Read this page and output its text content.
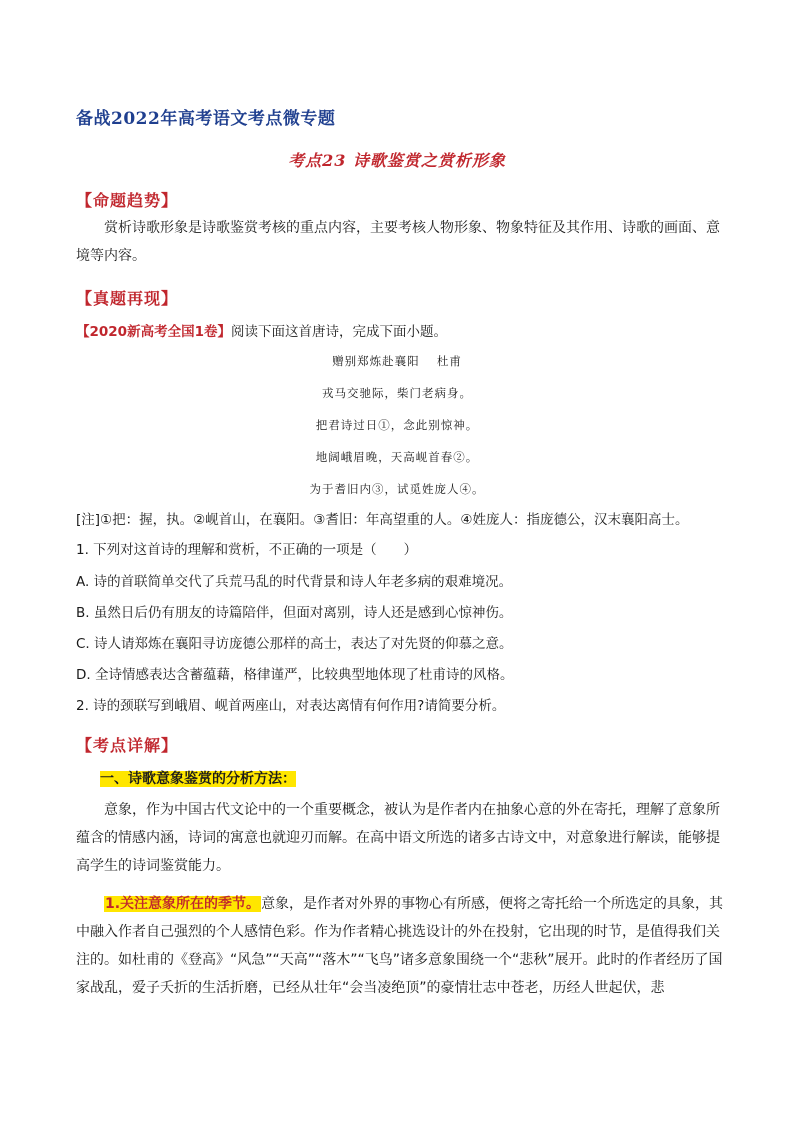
备战2022年高考语文考点微专题
考点23 诗歌鉴赏之赏析形象
【命题趋势】
赏析诗歌形象是诗歌鉴赏考核的重点内容，主要考核人物形象、物象特征及其作用、诗歌的画面、意境等内容。
【真题再现】
【2020新高考全国1卷】阅读下面这首唐诗，完成下面小题。
赠别郑炼赴襄阳　 杜甫
戎马交驰际，柴门老病身。
把君诗过日①，念此别惊神。
地阔峨眉晚，天高岘首春②。
为于耆旧内③，试觅姓庞人④。
[注]①把：握，执。②岘首山，在襄阳。③耆旧：年高望重的人。④姓庞人：指庞德公，汉末襄阳高士。
1. 下列对这首诗的理解和赏析，不正确的一项是（　　）
A. 诗的首联简单交代了兵荒马乱的时代背景和诗人年老多病的艰难境况。
B. 虽然日后仍有朋友的诗篇陪伴，但面对离别，诗人还是感到心惊神伤。
C. 诗人请郑炼在襄阳寻访庞德公那样的高士，表达了对先贤的仰慕之意。
D. 全诗情感表达含蓄蕴藉，格律谨严，比较典型地体现了杜甫诗的风格。
2. 诗的颈联写到峨眉、岘首两座山，对表达离情有何作用?请简要分析。
【考点详解】
一、诗歌意象鉴赏的分析方法：
意象，作为中国古代文论中的一个重要概念，被认为是作者内在抽象心意的外在寄托，理解了意象所蕴含的情感内涵，诗词的寓意也就迎刃而解。在高中语文所选的诸多古诗文中，对意象进行解读，能够提高学生的诗词鉴赏能力。
1.关注意象所在的季节。意象，是作者对外界的事物心有所感，便将之寄托给一个所选定的具象，其中融入作者自己强烈的个人感情色彩。作为作者精心挑选设计的外在投射，它出现的时节，是值得我们关注的。如杜甫的《登高》“风急”“天高”“落木”“飞鸟”诸多意象围绕一个“悲秋”展开。此时的作者经历了国家战乱，爱子夭折的生活折磨，已经从壮年“会当凌绝顶”的豪情壮志中苍老，历经人世起伏，悲
